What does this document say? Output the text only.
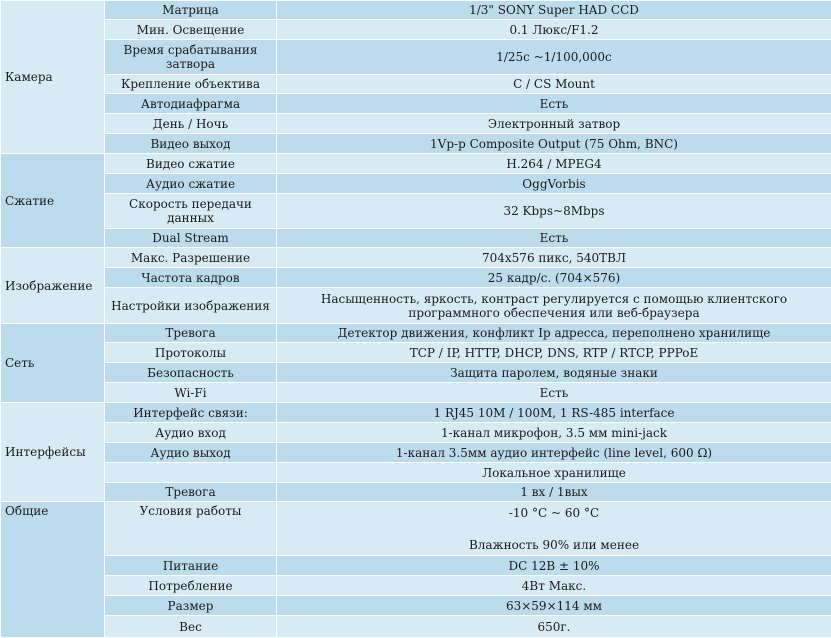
Камера	Матрица	1/3" SONY Super HAD CCD
	Мин. Освещение	0.1 Люкс/F1.2
	Время срабатывания затвора	1/25c ~1/100,000c
	Крепление объектива	C / CS Mount
	Автодиафрагма	Есть
	День / Ночь	Электронный затвор
	Видео выход	1Vp-p Composite Output (75 Ohm, BNC)
Сжатие	Видео сжатие	H.264 / MPEG4
	Аудио сжатие	OggVorbis
	Скорость передачи данных	32 Kbps~8Mbps
	Dual Stream	Есть
Изображение	Макс. Разрешение	704x576 пикс, 540ТВЛ
	Частота кадров	25 кадр/с. (704×576)
	Настройки изображения	Насыщенность, яркость, контраст регулируется с помощью клиентского программного обеспечения или веб-браузера
Сеть	Тревога	Детектор движения, конфликт Ip адресса, переполнено хранилище
	Протоколы	TCP / IP, HTTP, DHCP, DNS, RTP / RTCP, PPPoE
	Безопасность	Защита паролем, водяные знаки
	Wi-Fi	Есть
Интерфейсы	Интерфейс связи:	1 RJ45 10M / 100M, 1 RS-485 interface
	Аудио вход	1-канал микрофон, 3.5 мм mini-jack
	Аудио выход	1-канал 3.5мм аудио интерфейс (line level, 600 Ω)
		Локальное хранилище
	Тревога	1 вх / 1вых
Общие	Условия работы	-10 °C ~ 60 °C
Влажность 90% или менее

	Питание	DC 12В ± 10%
	Потребление	4Вт Макс.
	Размер	63×59×114 мм
	Вес	650г.
